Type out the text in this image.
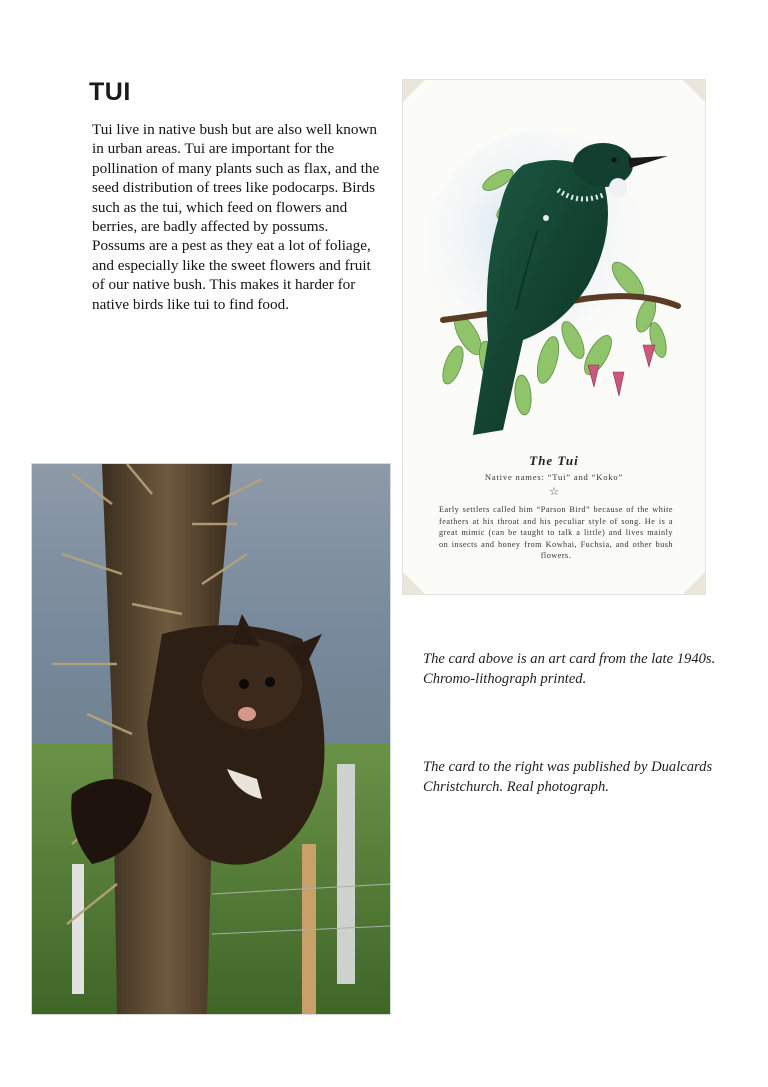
TUI

Tui live in native bush but are also well known in urban areas. Tui are important for the pollination of many plants such as flax, and the seed distribution of trees like podocarps. Birds such as the tui, which feed on flowers and berries, are badly affected by possums. Possums are a pest as they eat a lot of foliage, and especially like the sweet flowers and fruit of our native bush. This makes it harder for native birds like tui to find food.

The Tui
Native names: “Tui” and “Koko”
☆
Early settlers called him “Parson Bird” because of the white feathers at his throat and his peculiar style of song. He is a great mimic (can be taught to talk a little) and lives mainly on insects and honey from Kowhai, Fuchsia, and other bush flowers.

The card above is an art card from the late 1940s. Chromo-lithograph printed.

The card to the right was published by Dualcards Christchurch. Real photograph.
